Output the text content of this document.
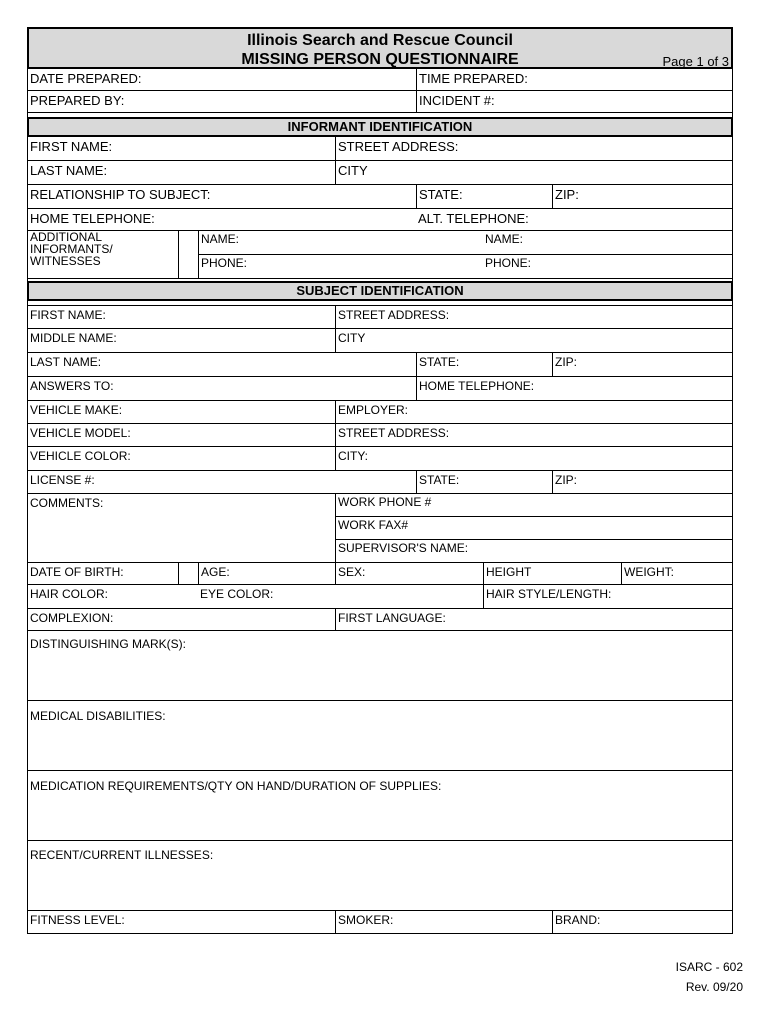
Illinois Search and Rescue Council
MISSING PERSON QUESTIONNAIRE	Page 1 of 3
DATE PREPARED:	TIME PREPARED:
PREPARED BY:	INCIDENT #:
INFORMANT IDENTIFICATION
FIRST NAME:	STREET ADDRESS:
LAST NAME:	CITY
RELATIONSHIP TO SUBJECT:	STATE:	ZIP:
HOME TELEPHONE:	ALT. TELEPHONE:
ADDITIONAL
INFORMANTS/
WITNESSES
NAME:	NAME:
PHONE:	PHONE:
SUBJECT IDENTIFICATION
FIRST NAME:	STREET ADDRESS:
MIDDLE NAME:	CITY
LAST NAME:	STATE:	ZIP:
ANSWERS TO:	HOME TELEPHONE:
VEHICLE MAKE:	EMPLOYER:
VEHICLE MODEL:	STREET ADDRESS:
VEHICLE COLOR:	CITY:
LICENSE #:	STATE:	ZIP:
COMMENTS:	WORK PHONE #
WORK FAX#
SUPERVISOR'S NAME:
DATE OF BIRTH:	AGE:	SEX:	HEIGHT	WEIGHT:
HAIR COLOR:	EYE COLOR:	HAIR STYLE/LENGTH:
COMPLEXION:	FIRST LANGUAGE:
DISTINGUISHING MARK(S):
MEDICAL DISABILITIES:
MEDICATION REQUIREMENTS/QTY ON HAND/DURATION OF SUPPLIES:
RECENT/CURRENT ILLNESSES:
FITNESS LEVEL:	SMOKER:	BRAND:
ISARC - 602
Rev. 09/20
